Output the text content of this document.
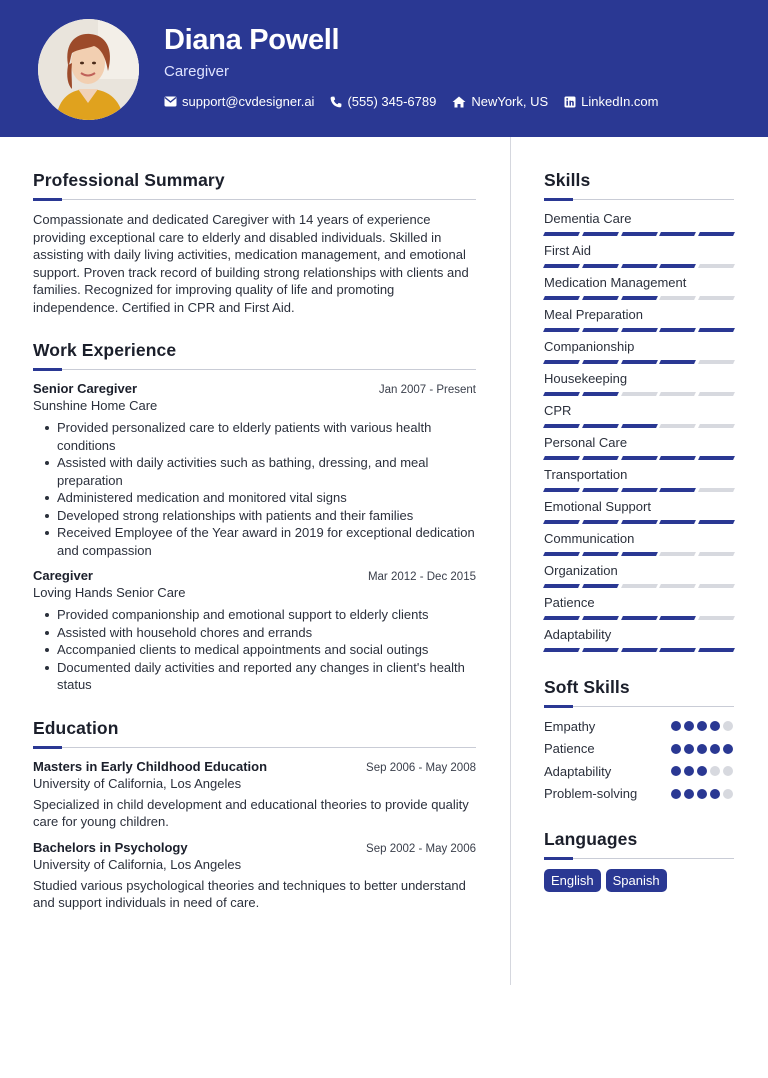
Diana Powell
Caregiver
support@cvdesigner.ai	(555) 345-6789	NewYork, US	LinkedIn.com
Professional Summary
Compassionate and dedicated Caregiver with 14 years of experience providing exceptional care to elderly and disabled individuals. Skilled in assisting with daily living activities, medication management, and emotional support. Proven track record of building strong relationships with clients and families. Recognized for improving quality of life and promoting independence. Certified in CPR and First Aid.
Work Experience
Senior Caregiver	Jan 2007 - Present
Sunshine Home Care
Provided personalized care to elderly patients with various health conditions
Assisted with daily activities such as bathing, dressing, and meal preparation
Administered medication and monitored vital signs
Developed strong relationships with patients and their families
Received Employee of the Year award in 2019 for exceptional dedication and compassion
Caregiver	Mar 2012 - Dec 2015
Loving Hands Senior Care
Provided companionship and emotional support to elderly clients
Assisted with household chores and errands
Accompanied clients to medical appointments and social outings
Documented daily activities and reported any changes in client's health status
Education
Masters in Early Childhood Education	Sep 2006 - May 2008
University of California, Los Angeles
Specialized in child development and educational theories to provide quality care for young children.
Bachelors in Psychology	Sep 2002 - May 2006
University of California, Los Angeles
Studied various psychological theories and techniques to better understand and support individuals in need of care.
Skills
Dementia Care
First Aid
Medication Management
Meal Preparation
Companionship
Housekeeping
CPR
Personal Care
Transportation
Emotional Support
Communication
Organization
Patience
Adaptability
Soft Skills
Empathy
Patience
Adaptability
Problem-solving
Languages
English	Spanish
